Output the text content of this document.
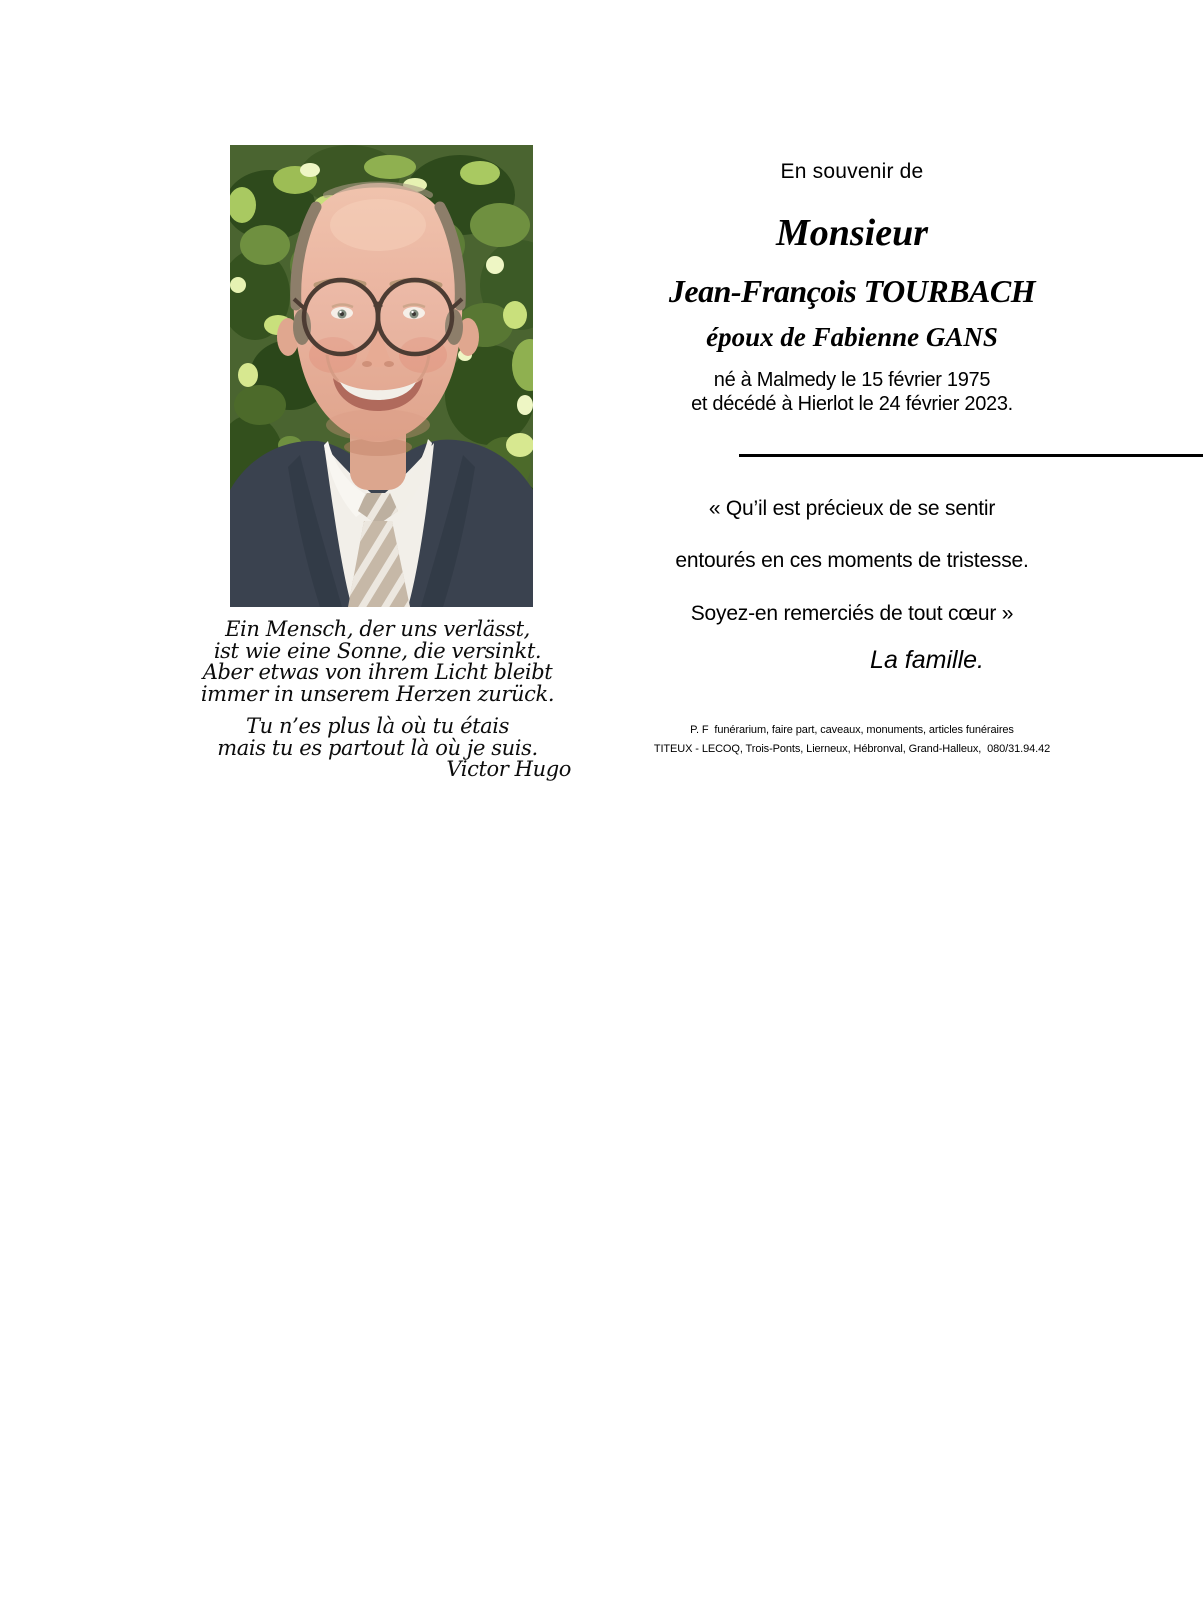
Ein Mensch, der uns verlässt,
ist wie eine Sonne, die versinkt.
Aber etwas von ihrem Licht bleibt
immer in unserem Herzen zurück.
Tu n’es plus là où tu étais
mais tu es partout là où je suis.
Victor Hugo
En souvenir de
Monsieur
Jean-François TOURBACH
époux de Fabienne GANS
né à Malmedy le 15 février 1975
et décédé à Hierlot le 24 février 2023.
« Qu’il est précieux de se sentir
entourés en ces moments de tristesse.
Soyez-en remerciés de tout cœur »
La famille.
P. F  funérarium, faire part, caveaux, monuments, articles funéraires
TITEUX - LECOQ, Trois-Ponts, Lierneux, Hébronval, Grand-Halleux,  080/31.94.42
